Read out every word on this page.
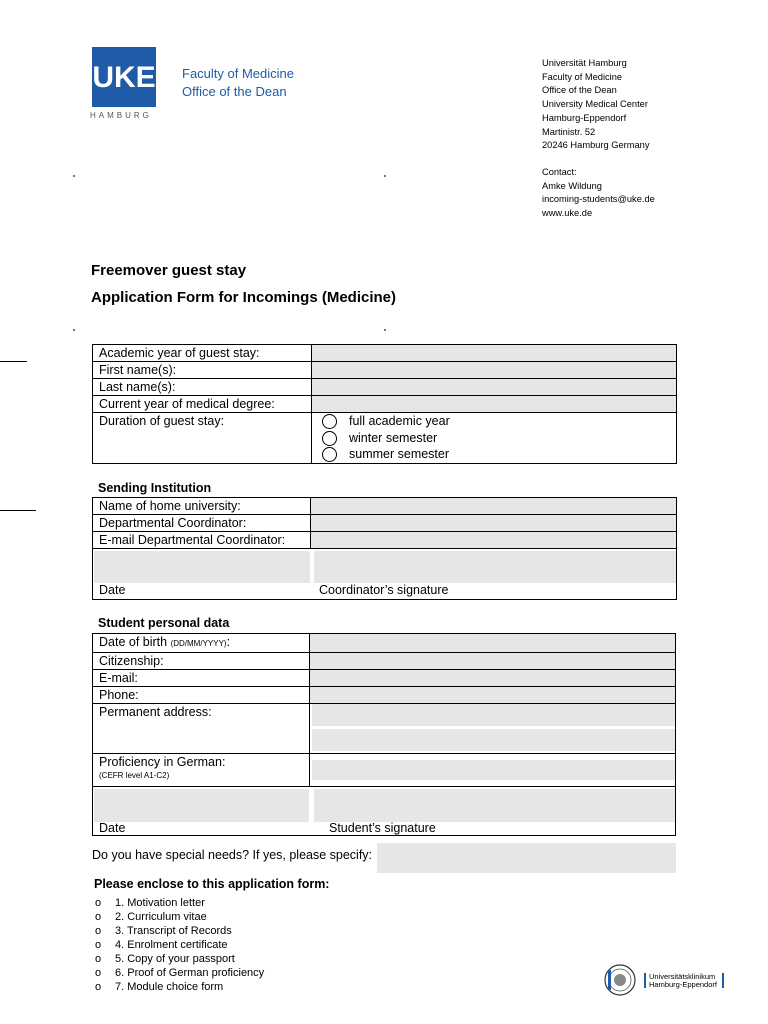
UKE
HAMBURG
Faculty of Medicine
Office of the Dean
Universität Hamburg
Faculty of Medicine
Office of the Dean
University Medical Center
Hamburg-Eppendorf
Martinistr. 52
20246 Hamburg Germany
Contact:
Amke Wildung
incoming-students@uke.de
www.uke.de
Freemover guest stay
Application Form for Incomings (Medicine)
Academic year of guest stay:	
First name(s):	
Last name(s):	
Current year of medical degree:	
Duration of guest stay:	full academic year
winter semester
summer semester
Sending Institution
Name of home university:	
Departmental Coordinator:	
E-mail Departmental Coordinator:	

Date Coordinator’s signature	
Student personal data
Date of birth (DD/MM/YYYY):	
Citizenship:	
E-mail:	
Phone:	
Permanent address:	

Proficiency in German:
(CEFR level A1-C2)	

Date Student’s signature	
Do you have special needs? If yes, please specify:
Please enclose to this application form:
o 1. Motivation letter
o 2. Curriculum vitae
o 3. Transcript of Records
o 4. Enrolment certificate
o 5. Copy of your passport
o 6. Proof of German proficiency
o 7. Module choice form
Universitätsklinikum
Hamburg-Eppendorf
